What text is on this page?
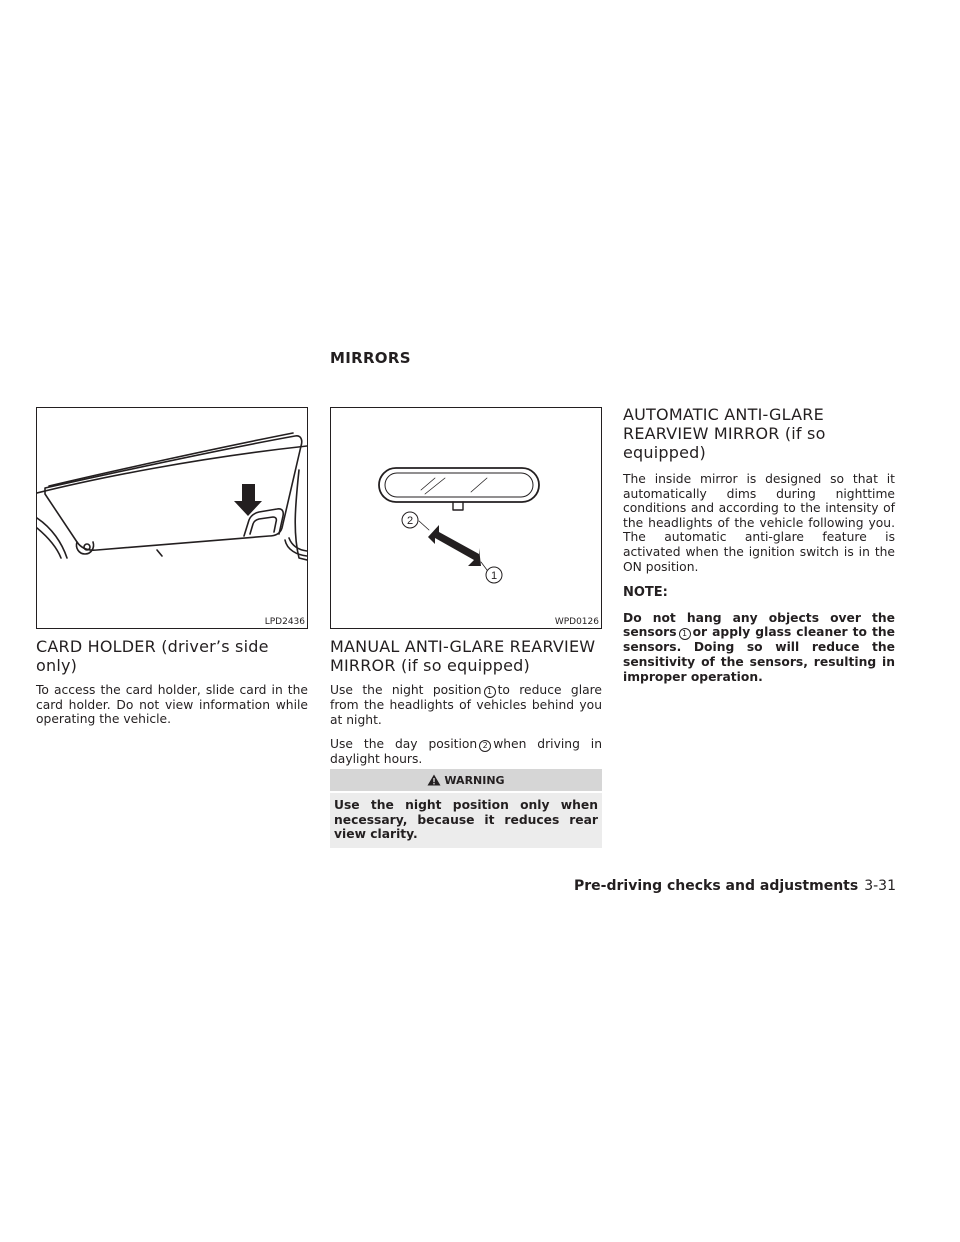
MIRRORS
LPD2436
2
1
WPD0126
CARD HOLDER (driver’s side only)

To access the card holder, slide card in the card holder. Do not view information while operating the vehicle.

MANUAL ANTI-GLARE REARVIEW
MIRROR (if so equipped)

Use the night position 1 to reduce glare from the headlights of vehicles behind you at night.

Use the day position 2 when driving in daylight hours.

WARNING

Use the night position only when necessary, because it reduces rear view clarity.

AUTOMATIC ANTI-GLARE
REARVIEW MIRROR (if so equipped)

The inside mirror is designed so that it automatically dims during nighttime conditions and according to the intensity of the headlights of the vehicle following you. The automatic anti-glare feature is activated when the ignition switch is in the ON position.

NOTE:

Do not hang any objects over the sensors 1 or apply glass cleaner to the sensors. Doing so will reduce the sensitivity of the sensors, resulting in improper operation.

Pre-driving checks and adjustments 3-31
